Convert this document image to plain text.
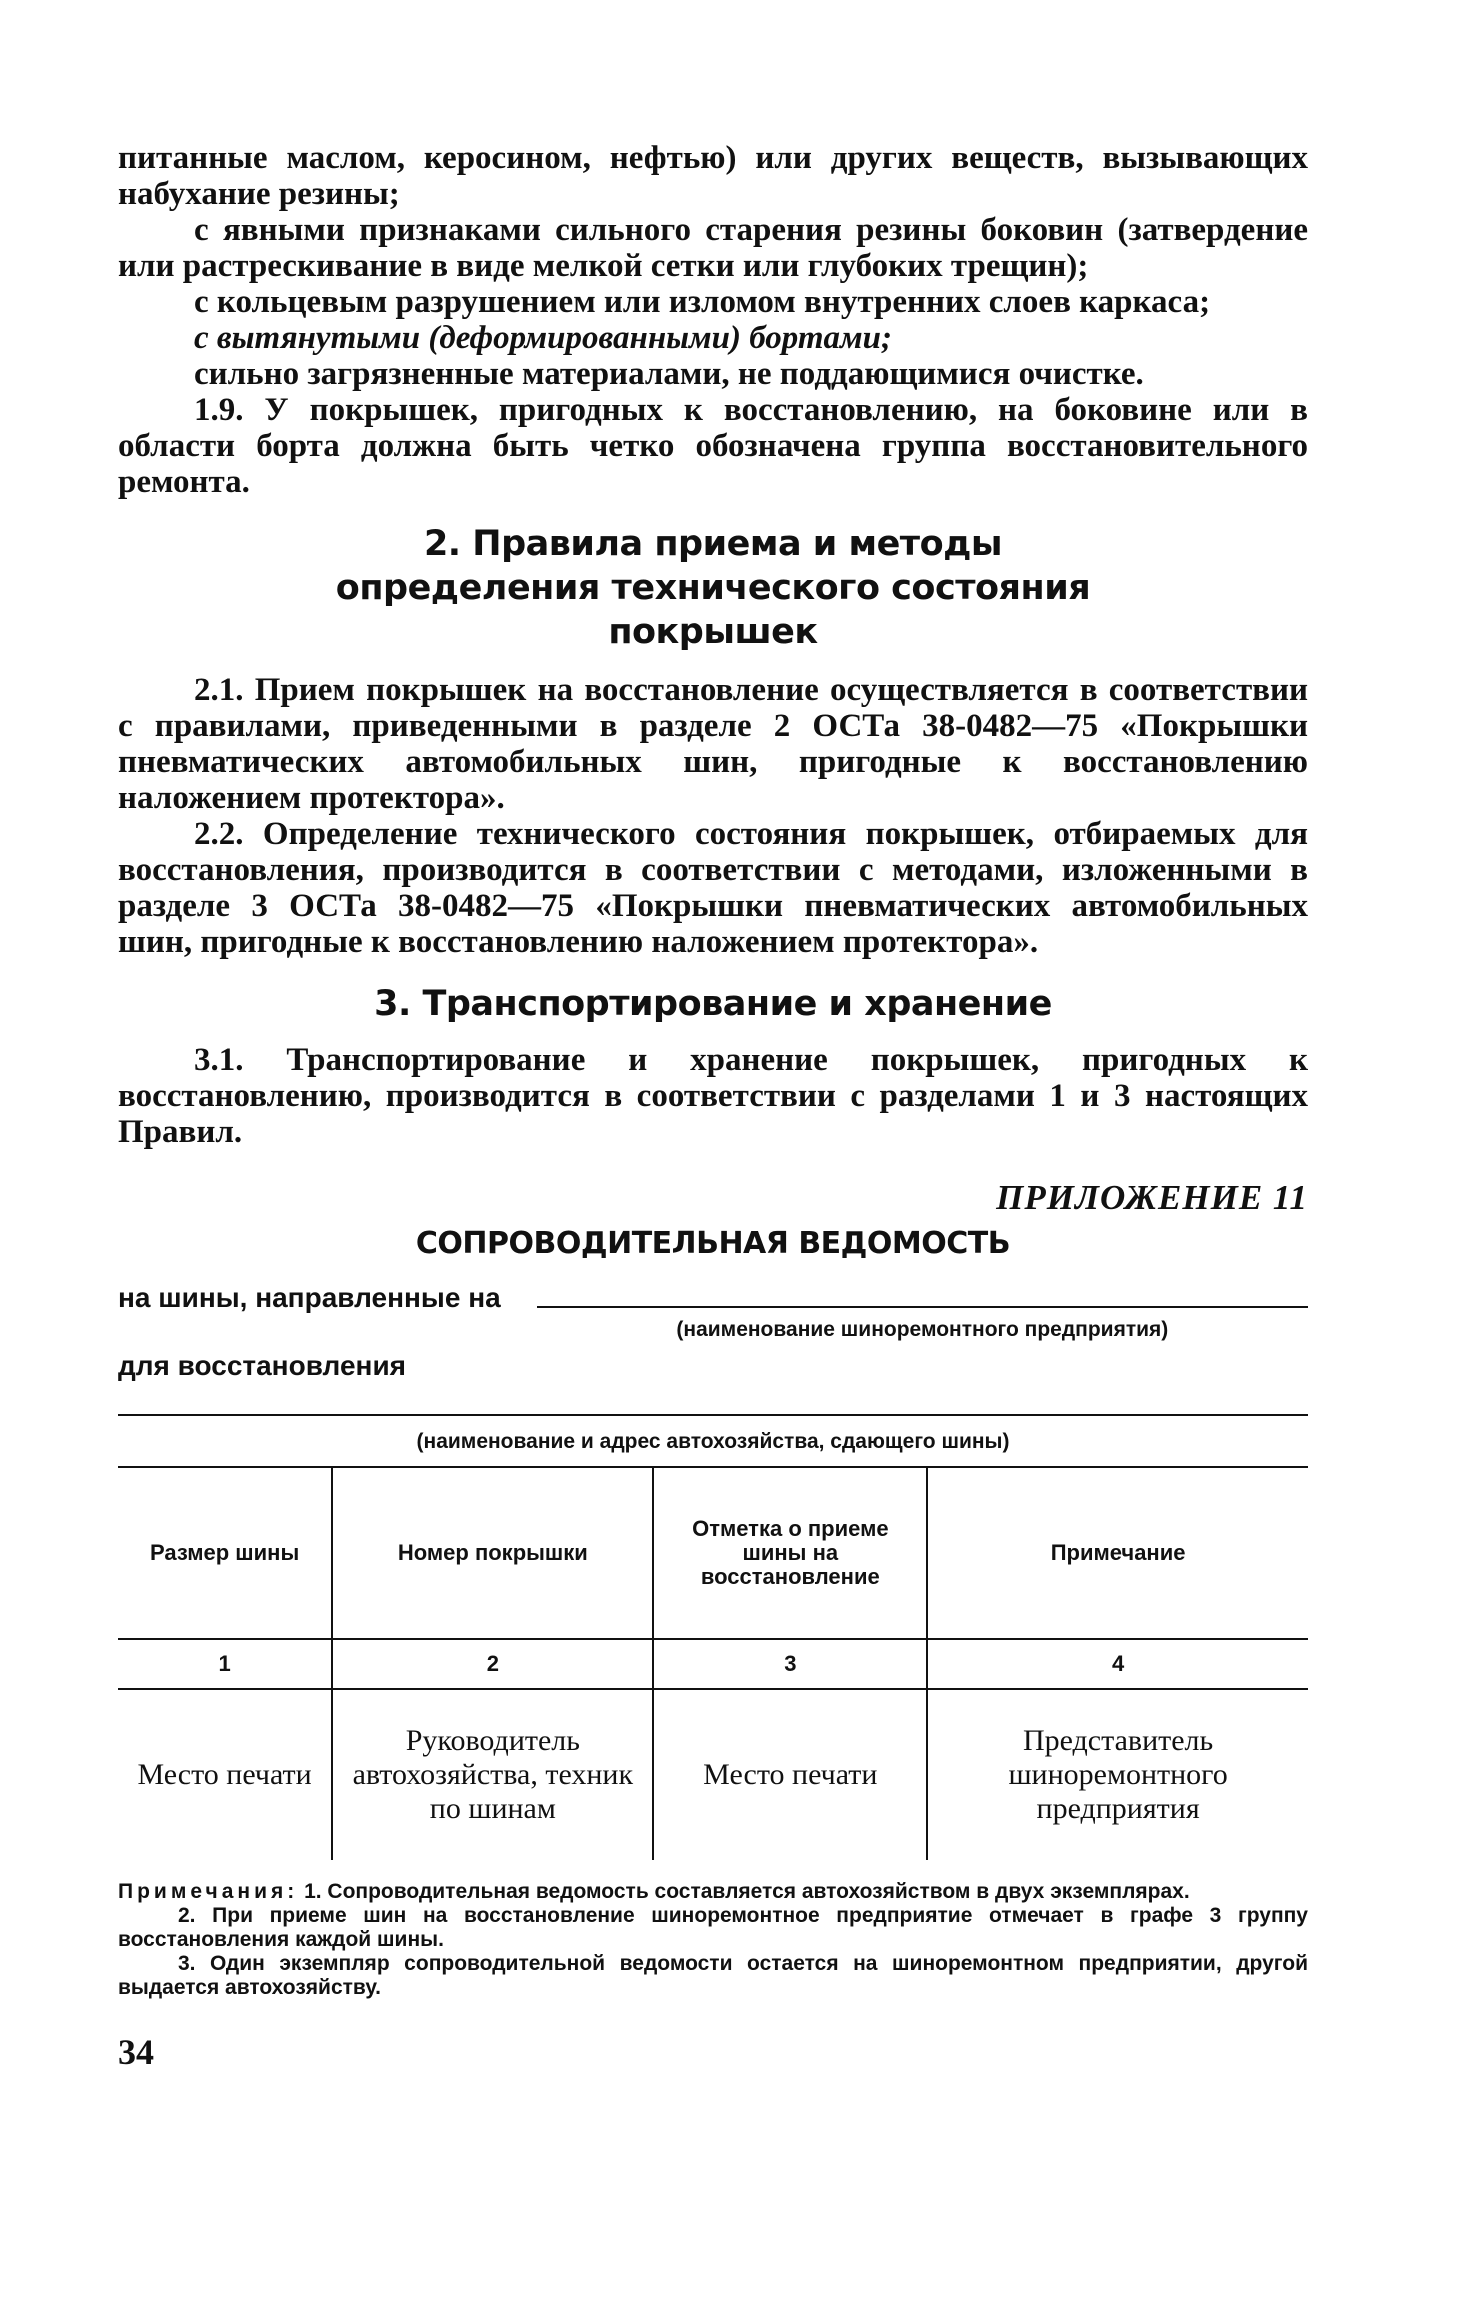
питанные маслом, керосином, нефтью) или других веществ, вызывающих набухание резины;

с явными признаками сильного старения резины боковин (затвердение или растрескивание в виде мелкой сетки или глубоких трещин);

с кольцевым разрушением или изломом внутренних слоев каркаса;

с вытянутыми (деформированными) бортами;

сильно загрязненные материалами, не поддающимися очистке.

1.9. У покрышек, пригодных к восстановлению, на боковине или в области борта должна быть четко обозначена группа восстановительного ремонта.

2. Правила приема и методы определения технического состояния покрышек

2.1. Прием покрышек на восстановление осуществляется в соответствии с правилами, приведенными в разделе 2 ОСТа 38-0482—75 «Покрышки пневматических автомобильных шин, пригодные к восстановлению наложением протектора».

2.2. Определение технического состояния покрышек, отбираемых для восстановления, производится в соответствии с методами, изложенными в разделе 3 ОСТа 38-0482—75 «Покрышки пневматических автомобильных шин, пригодные к восстановлению наложением протектора».

3. Транспортирование и хранение

3.1. Транспортирование и хранение покрышек, пригодных к восстановлению, производится в соответствии с разделами 1 и 3 настоящих Правил.

ПРИЛОЖЕНИЕ 11
СОПРОВОДИТЕЛЬНАЯ ВЕДОМОСТЬ
на шины, направленные на
(наименование шиноремонтного предприятия)
для восстановления
(наименование и адрес автохозяйства, сдающего шины)
Размер шины	Номер покрышки	Отметка о приеме шины на восстановление	Примечание
1	2	3	4
Место печати	Руководитель автохозяйства, техник по шинам	Место печати	Представитель шиноремонтного предприятия

Примечания: 1. Сопроводительная ведомость составляется автохозяйством в двух экземплярах.

2. При приеме шин на восстановление шиноремонтное предприятие отмечает в графе 3 группу восстановления каждой шины.

3. Один экземпляр сопроводительной ведомости остается на шиноремонтном предприятии, другой выдается автохозяйству.

34
